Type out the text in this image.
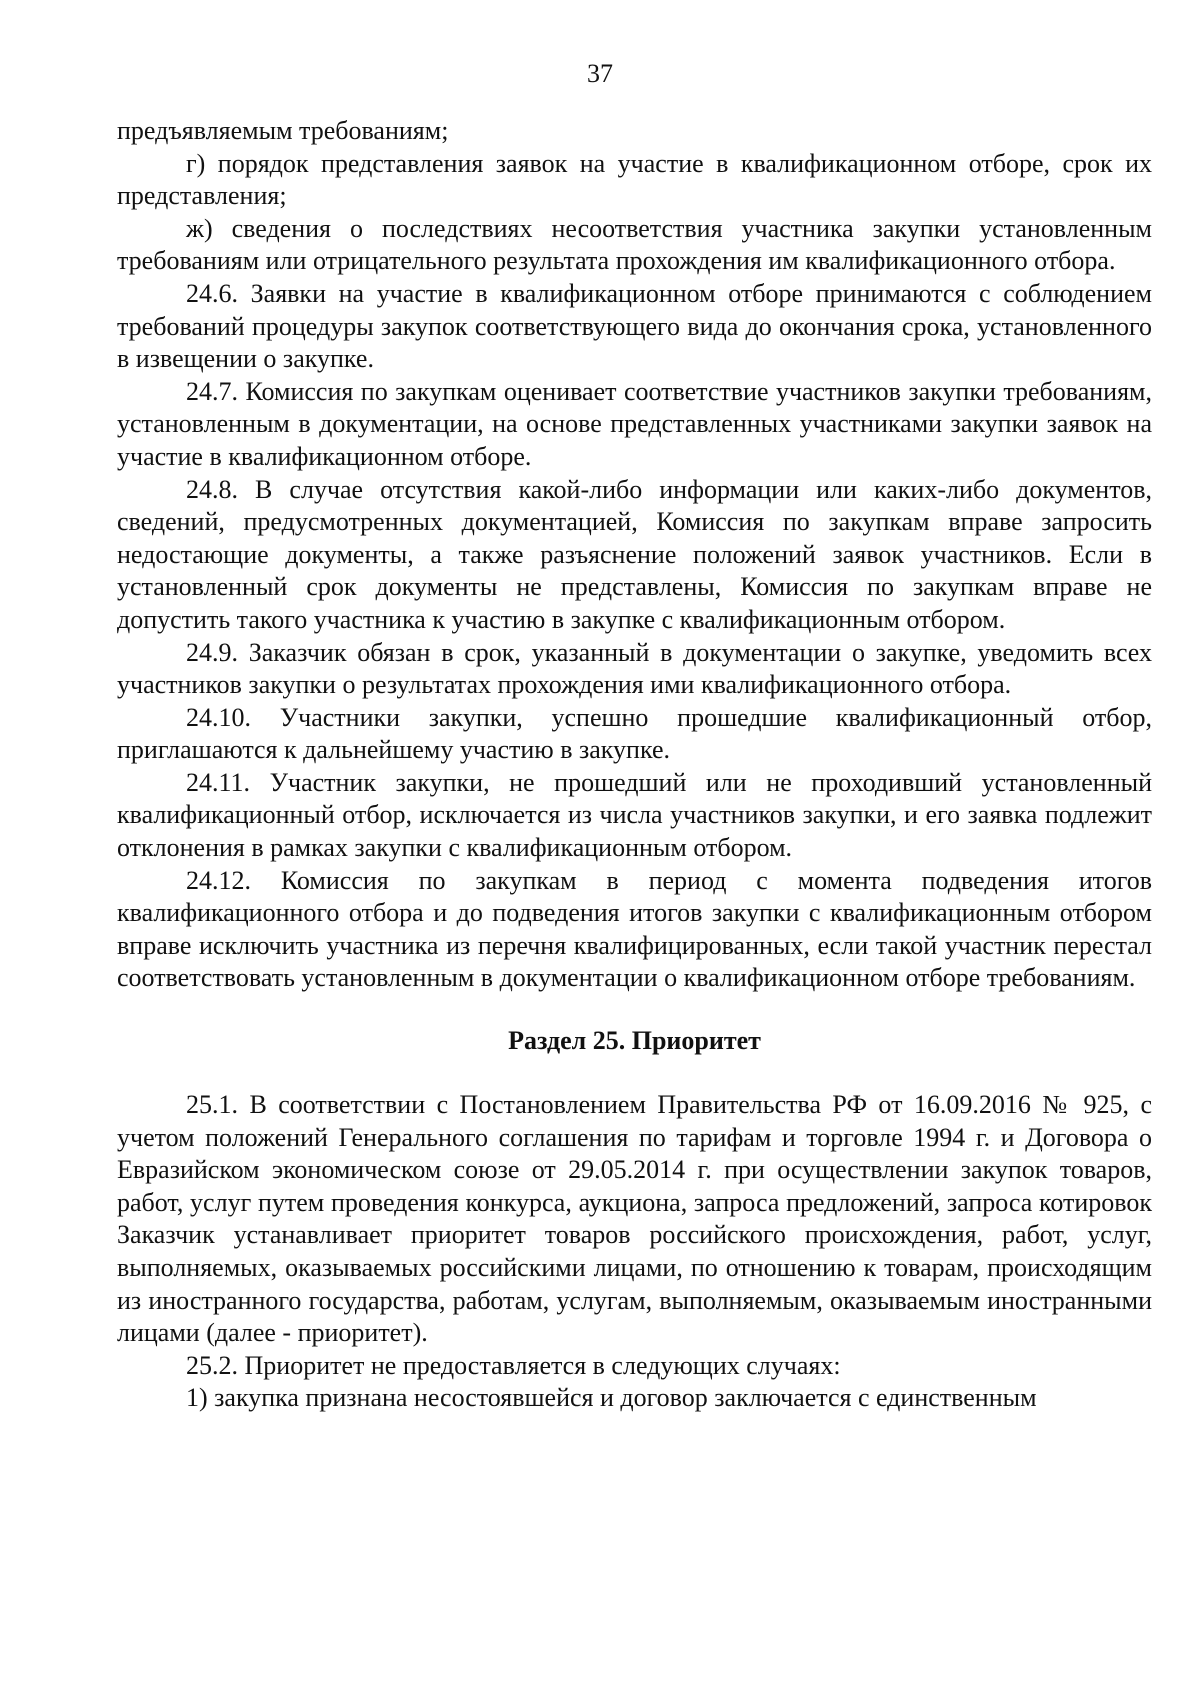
37

предъявляемым требованиям;

г) порядок представления заявок на участие в квалификационном отборе, срок их представления;

ж) сведения о последствиях несоответствия участника закупки установленным требованиям или отрицательного результата прохождения им квалификационного отбора.

24.6. Заявки на участие в квалификационном отборе принимаются с соблюдением требований процедуры закупок соответствующего вида до окончания срока, установленного в извещении о закупке.

24.7. Комиссия по закупкам оценивает соответствие участников закупки требованиям, установленным в документации, на основе представленных участниками закупки заявок на участие в квалификационном отборе.

24.8. В случае отсутствия какой-либо информации или каких-либо документов, сведений, предусмотренных документацией, Комиссия по закупкам вправе запросить недостающие документы, а также разъяснение положений заявок участников. Если в установленный срок документы не представлены, Комиссия по закупкам вправе не допустить такого участника к участию в закупке с квалификационным отбором.

24.9. Заказчик обязан в срок, указанный в документации о закупке, уведомить всех участников закупки о результатах прохождения ими квалификационного отбора.

24.10. Участники закупки, успешно прошедшие квалификационный отбор, приглашаются к дальнейшему участию в закупке.

24.11. Участник закупки, не прошедший или не проходивший установленный квалификационный отбор, исключается из числа участников закупки, и его заявка подлежит отклонения в рамках закупки с квалификационным отбором.

24.12. Комиссия по закупкам в период с момента подведения итогов квалификационного отбора и до подведения итогов закупки с квалификационным отбором вправе исключить участника из перечня квалифицированных, если такой участник перестал соответствовать установленным в документации о квалификационном отборе требованиям.

Раздел 25. Приоритет

25.1. В соответствии с Постановлением Правительства РФ от 16.09.2016 № 925, с учетом положений Генерального соглашения по тарифам и торговле 1994 г. и Договора о Евразийском экономическом союзе от 29.05.2014 г. при осуществлении закупок товаров, работ, услуг путем проведения конкурса, аукциона, запроса предложений, запроса котировок Заказчик устанавливает приоритет товаров российского происхождения, работ, услуг, выполняемых, оказываемых российскими лицами, по отношению к товарам, происходящим из иностранного государства, работам, услугам, выполняемым, оказываемым иностранными лицами (далее - приоритет).

25.2. Приоритет не предоставляется в следующих случаях:

1) закупка признана несостоявшейся и договор заключается с единственным
